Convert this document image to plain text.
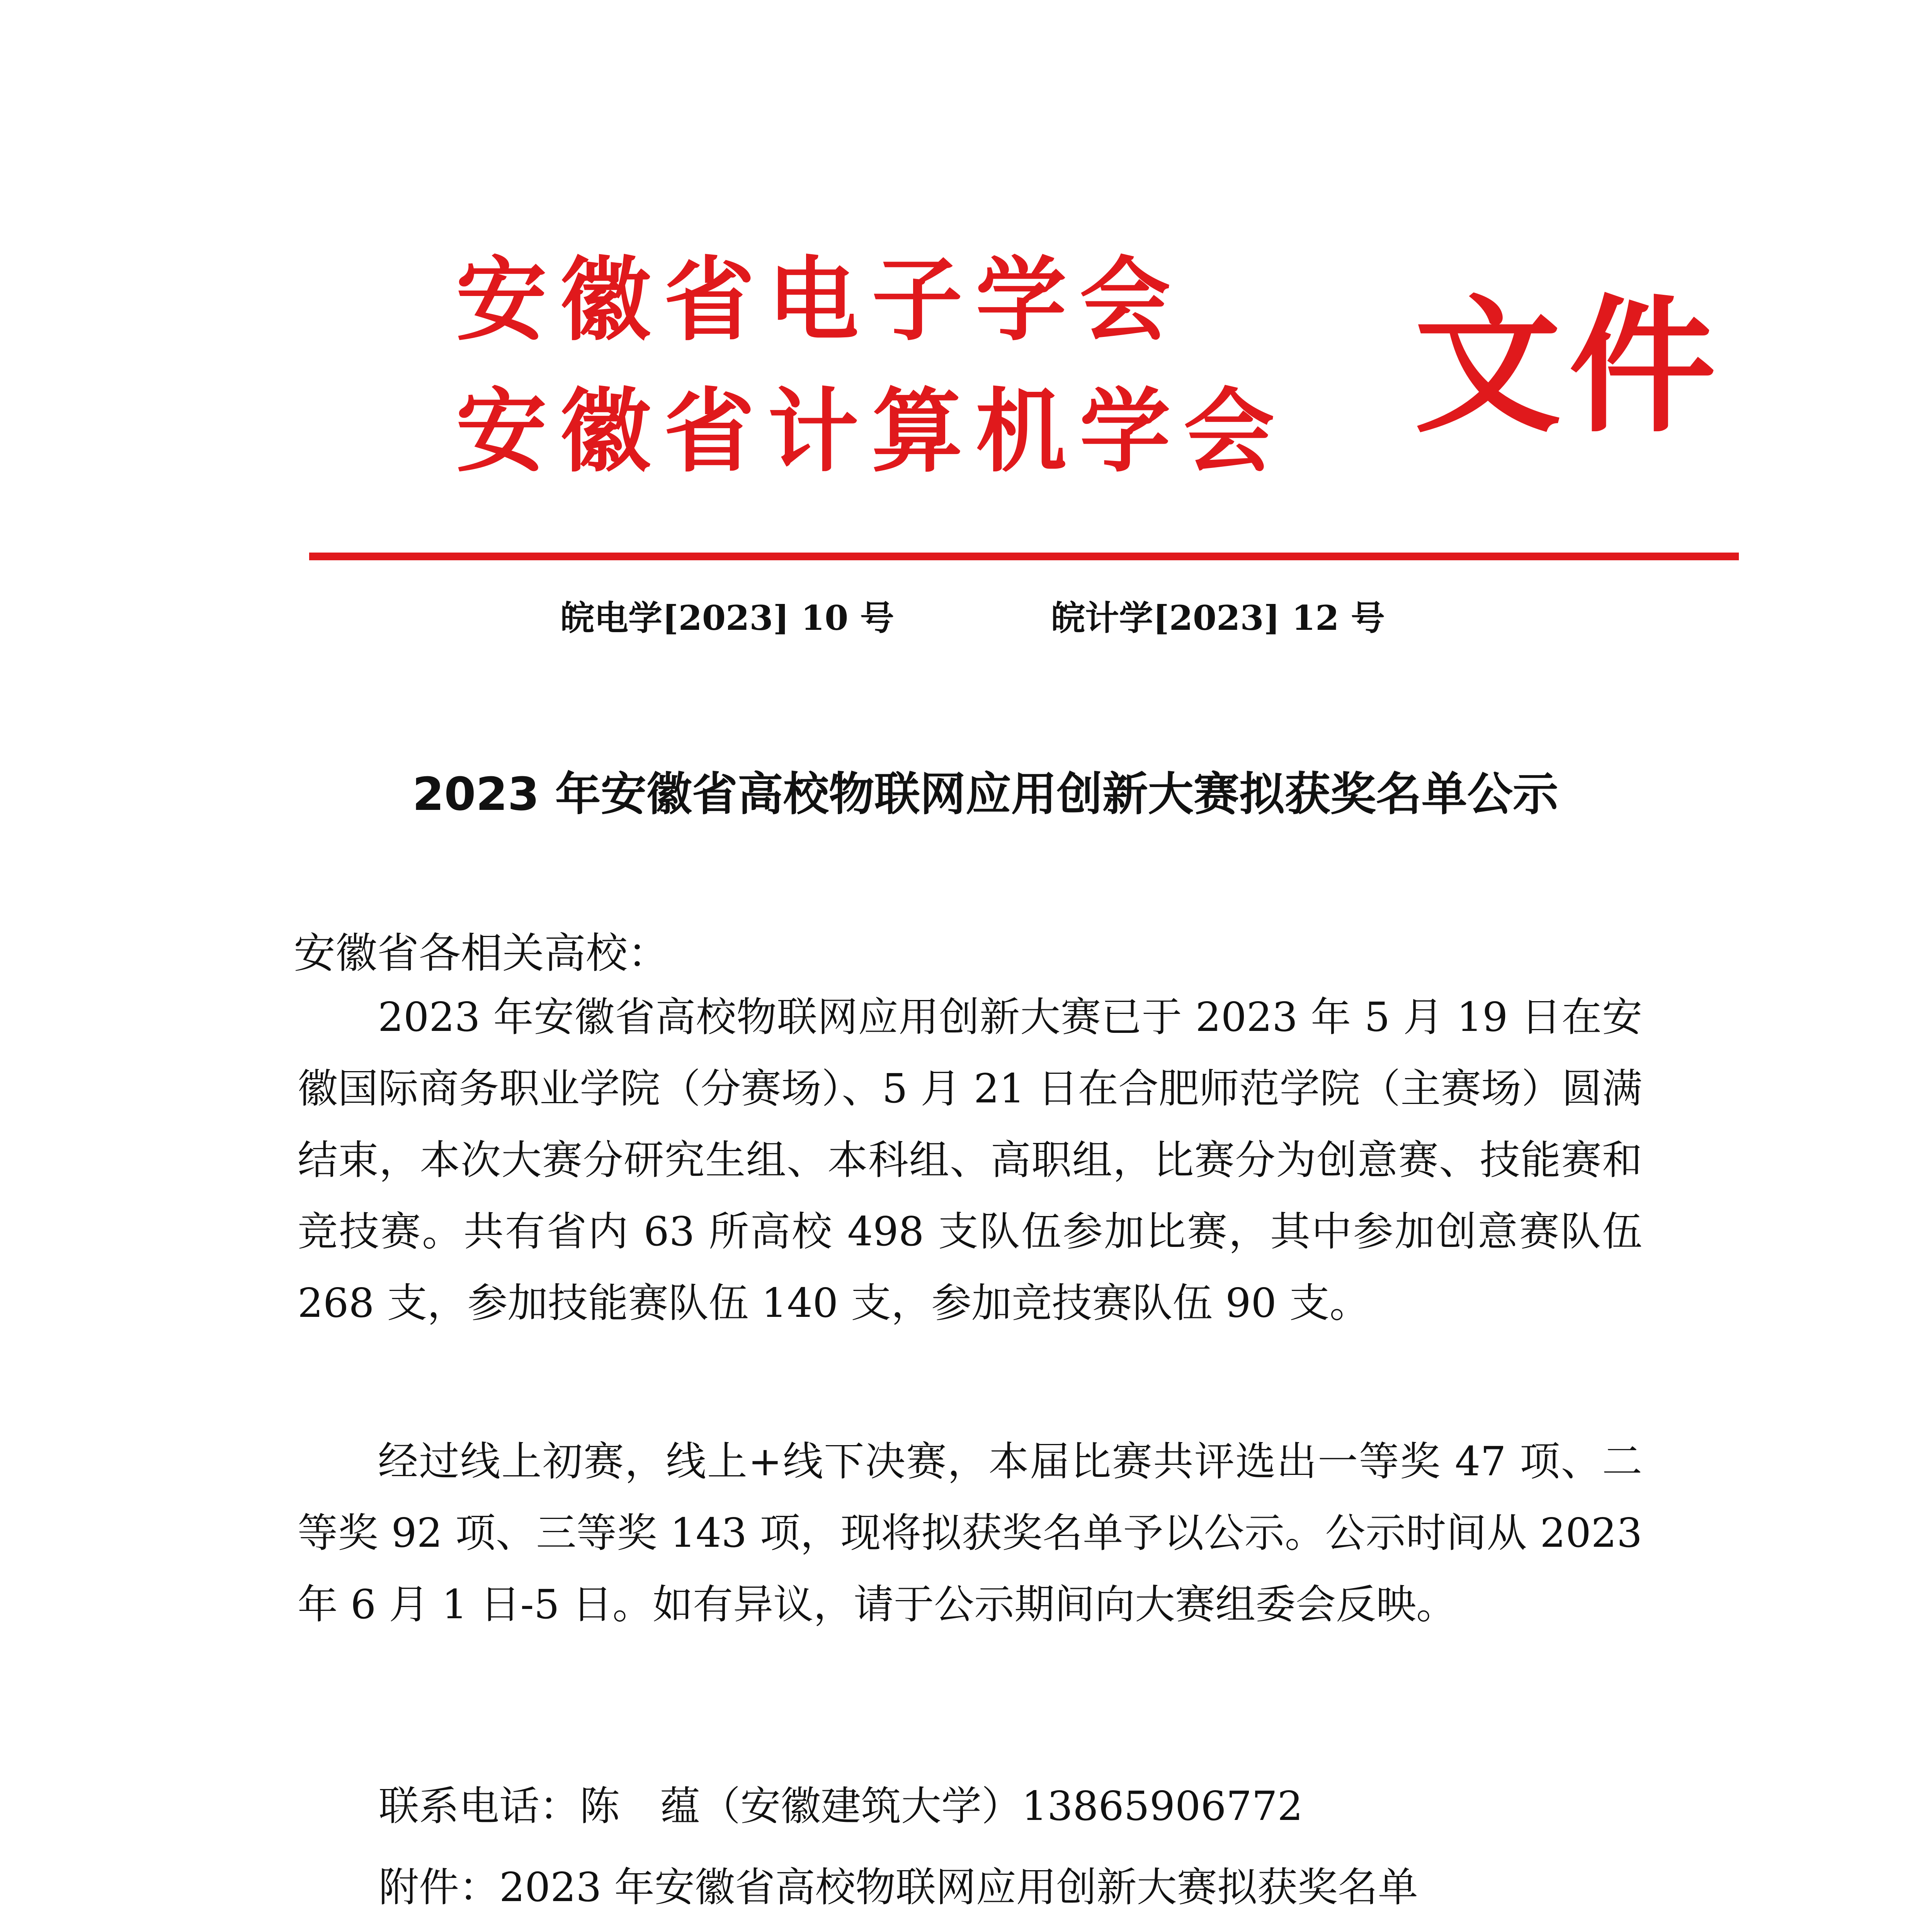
安徽省电子学会
安徽省计算机学会 文件
皖电学[2023] 10 号	皖计学[2023] 12 号
2023 年安徽省高校物联网应用创新大赛拟获奖名单公示
安徽省各相关高校：
2023 年安徽省高校物联网应用创新大赛已于 2023 年 5 月 19 日在安徽国际商务职业学院（分赛场）、5 月 21 日在合肥师范学院（主赛场）圆满结束，本次大赛分研究生组、本科组、高职组，比赛分为创意赛、技能赛和竞技赛。共有省内 63 所高校 498 支队伍参加比赛，其中参加创意赛队伍 268 支，参加技能赛队伍 140 支，参加竞技赛队伍 90 支。
经过线上初赛，线上+线下决赛，本届比赛共评选出一等奖 47 项、二等奖 92 项、三等奖 143 项，现将拟获奖名单予以公示。公示时间从 2023 年 6 月 1 日-5 日。如有异议，请于公示期间向大赛组委会反映。
联系电话：陈　蕴（安徽建筑大学）13865906772
附件：2023 年安徽省高校物联网应用创新大赛拟获奖名单
